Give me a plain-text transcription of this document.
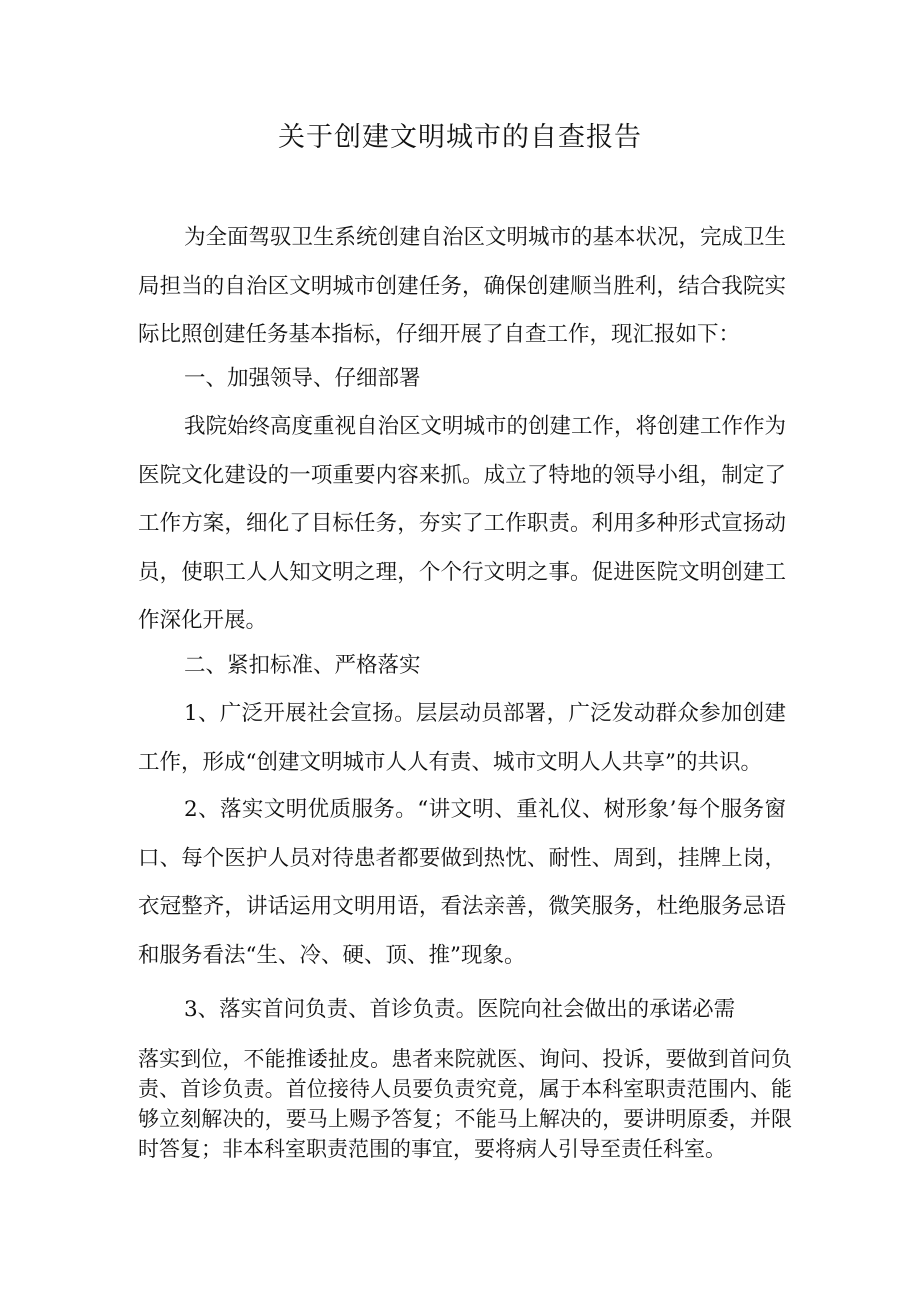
关于创建文明城市的自查报告

为全面驾驭卫生系统创建自治区文明城市的基本状况，完成卫生局担当的自治区文明城市创建任务，确保创建顺当胜利，结合我院实际比照创建任务基本指标，仔细开展了自查工作，现汇报如下：

一、加强领导、仔细部署

我院始终高度重视自治区文明城市的创建工作，将创建工作作为医院文化建设的一项重要内容来抓。成立了特地的领导小组，制定了工作方案，细化了目标任务，夯实了工作职责。利用多种形式宣扬动员，使职工人人知文明之理，个个行文明之事。促进医院文明创建工作深化开展。

二、紧扣标准、严格落实

1、广泛开展社会宣扬。层层动员部署，广泛发动群众参加创建工作，形成“创建文明城市人人有责、城市文明人人共享”的共识。

2、落实文明优质服务。“讲文明、重礼仪、树形象’每个服务窗口、每个医护人员对待患者都要做到热忱、耐性、周到，挂牌上岗，衣冠整齐，讲话运用文明用语，看法亲善，微笑服务，杜绝服务忌语和服务看法“生、冷、硬、顶、推”现象。

3、落实首问负责、首诊负责。医院向社会做出的承诺必需

落实到位，不能推诿扯皮。患者来院就医、询问、投诉，要做到首问负责、首诊负责。首位接待人员要负责究竟，属于本科室职责范围内、能够立刻解决的，要马上赐予答复；不能马上解决的，要讲明原委，并限时答复；非本科室职责范围的事宜，要将病人引导至责任科室。
